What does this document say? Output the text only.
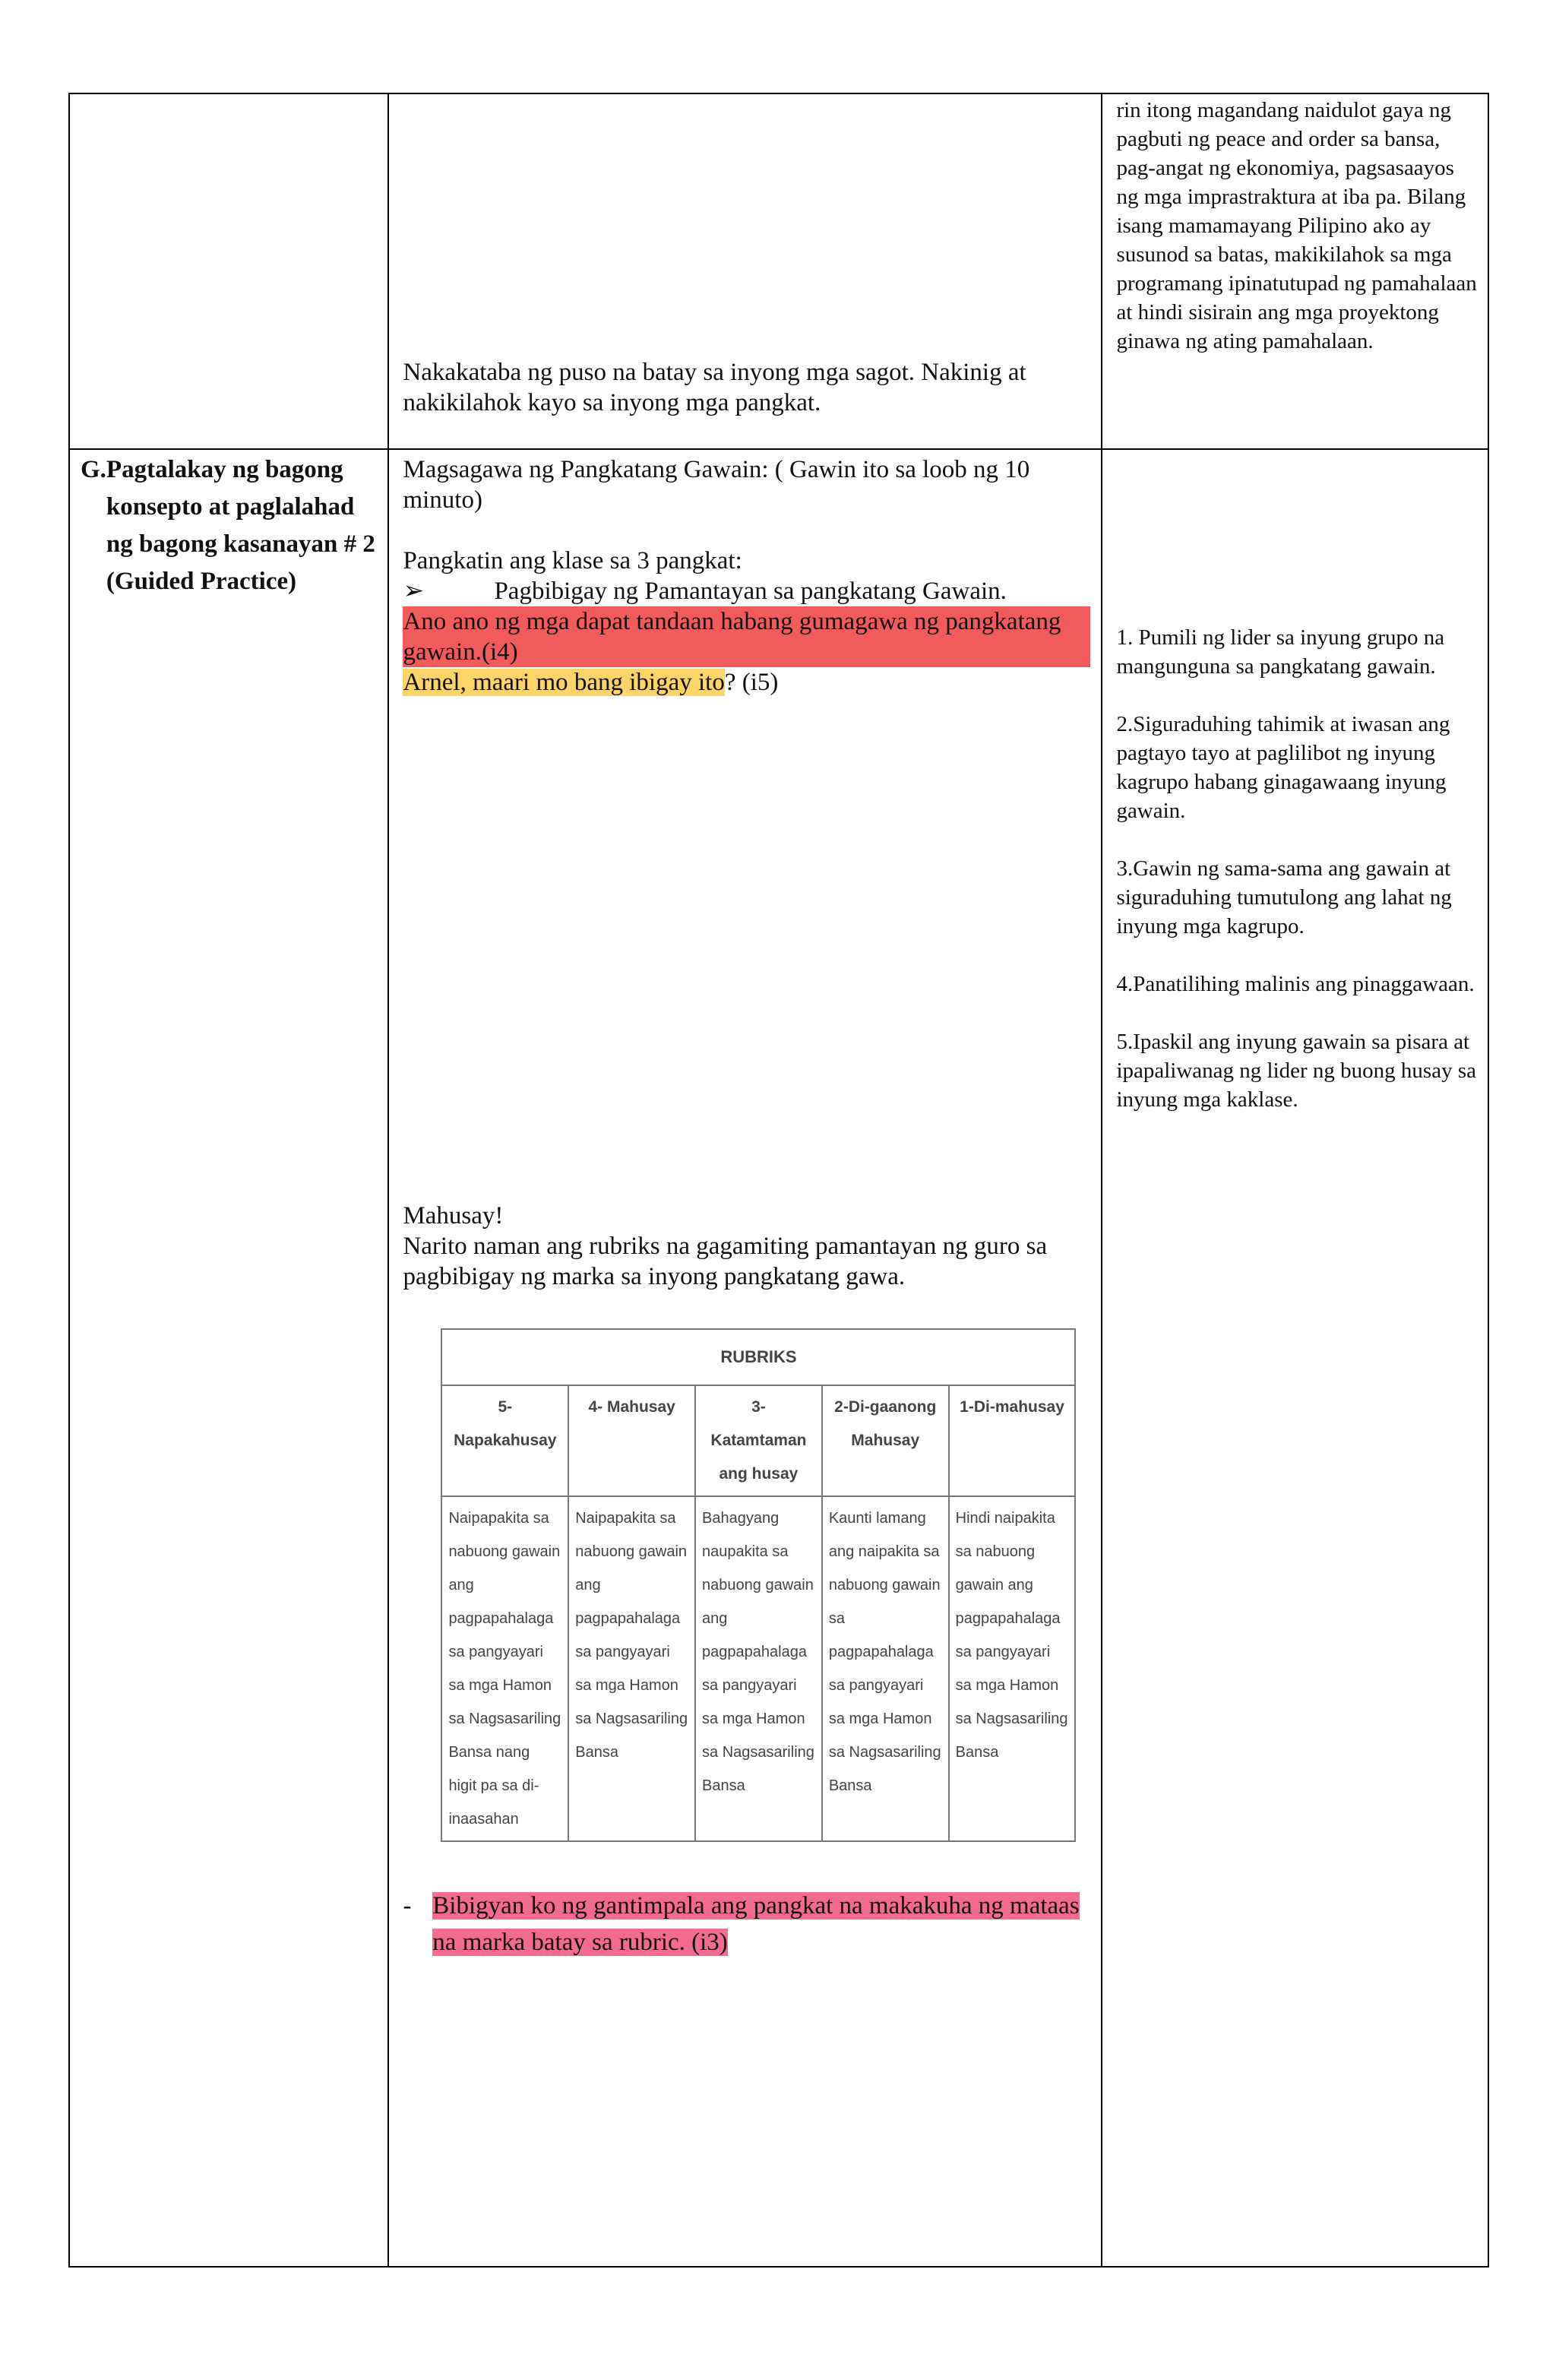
Nakakataba ng puso na batay sa inyong mga sagot. Nakinig at nakikilahok kayo sa inyong mga pangkat.

rin itong magandang naidulot gaya ng pagbuti ng peace and order sa bansa, pag-angat ng ekonomiya, pagsasaayos ng mga imprastraktura at iba pa. Bilang isang mamamayang Pilipino ako ay susunod sa batas, makikilahok sa mga programang ipinatutupad ng pamahalaan at hindi sisirain ang mga proyektong ginawa ng ating pamahalaan.

G. Pagtalakay ng bagong konsepto at paglalahad ng bagong kasanayan # 2 (Guided Practice)

Magsagawa ng Pangkatang Gawain: ( Gawin ito sa loob ng 10 minuto)

Pangkatin ang klase sa 3 pangkat:

➢	Pagbibigay ng Pamantayan sa pangkatang Gawain.

Ano ano ng mga dapat tandaan habang gumagawa ng pangkatang gawain.(i4)

Arnel, maari mo bang ibigay ito? (i5)

Mahusay!

Narito naman ang rubriks na gagamiting pamantayan ng guro sa pagbibigay ng marka sa inyong pangkatang gawa.

RUBRIKS
5- Napakahusay	4- Mahusay	3- Katamtaman ang husay	2-Di-gaanong Mahusay	1-Di-mahusay
Naipapakita sa nabuong gawain ang pagpapahalaga sa pangyayari sa mga Hamon sa Nagsasariling Bansa nang higit pa sa di-inaasahan	Naipapakita sa nabuong gawain ang pagpapahalaga sa pangyayari sa mga Hamon sa Nagsasariling Bansa	Bahagyang naupakita sa nabuong gawain ang pagpapahalaga sa pangyayari sa mga Hamon sa Nagsasariling Bansa	Kaunti lamang ang naipakita sa nabuong gawain sa pagpapahalaga sa pangyayari sa mga Hamon sa Nagsasariling Bansa	Hindi naipakita sa nabuong gawain ang pagpapahalaga sa pangyayari sa mga Hamon sa Nagsasariling Bansa
- Bibigyan ko ng gantimpala ang pangkat na makakuha ng mataas na marka batay sa rubric. (i3)

1. Pumili ng lider sa inyung grupo na mangunguna sa pangkatang gawain.

2.Siguraduhing tahimik at iwasan ang pagtayo tayo at paglilibot ng inyung kagrupo habang ginagawaang inyung gawain.

3.Gawin ng sama-sama ang gawain at siguraduhing tumutulong ang lahat ng inyung mga kagrupo.

4.Panatilihing malinis ang pinaggawaan.

5.Ipaskil ang inyung gawain sa pisara at ipapaliwanag ng lider ng buong husay sa inyung mga kaklase.
